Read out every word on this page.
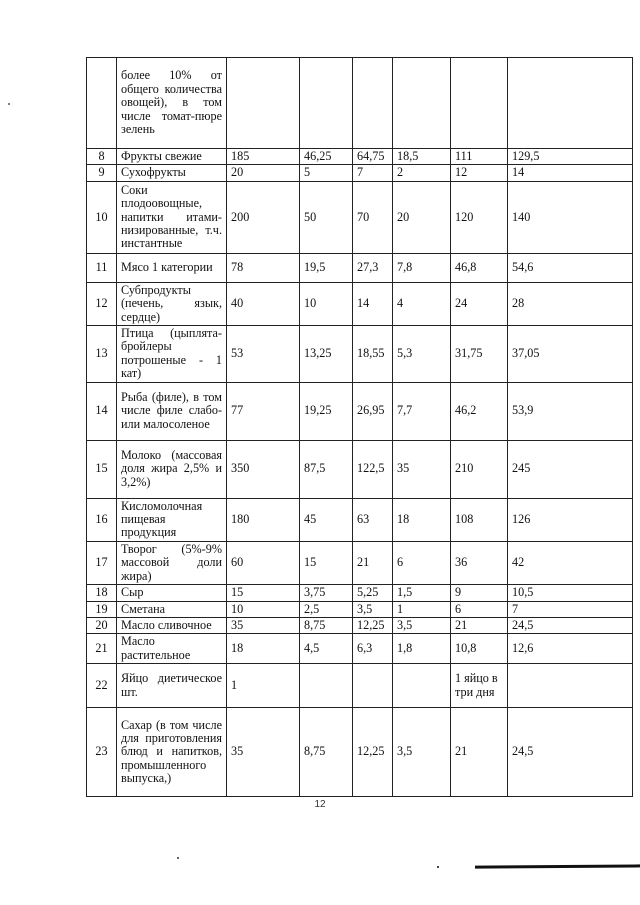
	более 10% от общего количества овощей), в том числе томат-пюре зелень						
8	Фрукты свежие	185	46,25	64,75	18,5	111	129,5
9	Сухофрукты	20	5	7	2	12	14
10	Соки плодоовощные, напитки итами-низированные, т.ч. инстантные	200	50	70	20	120	140
11	Мясо 1 категории	78	19,5	27,3	7,8	46,8	54,6
12	Субпродукты (печень, язык, сердце)	40	10	14	4	24	28
13	Птица (цыплята-бройлеры потрошеные - 1 кат)	53	13,25	18,55	5,3	31,75	37,05
14	Рыба (филе), в том числе филе слабо- или малосоленое	77	19,25	26,95	7,7	46,2	53,9
15	Молоко (массовая доля жира 2,5% и 3,2%)	350	87,5	122,5	35	210	245
16	Кисломолочная пищевая продукция	180	45	63	18	108	126
17	Творог (5%-9% массовой доли жира)	60	15	21	6	36	42
18	Сыр	15	3,75	5,25	1,5	9	10,5
19	Сметана	10	2,5	3,5	1	6	7
20	Масло сливочное	35	8,75	12,25	3,5	21	24,5
21	Масло растительное	18	4,5	6,3	1,8	10,8	12,6
22	Яйцо диетическое шт.	1				1 яйцо в три дня	
23	Сахар (в том числе для приготовления блюд и напитков, промышленного выпуска,)	35	8,75	12,25	3,5	21	24,5
12
